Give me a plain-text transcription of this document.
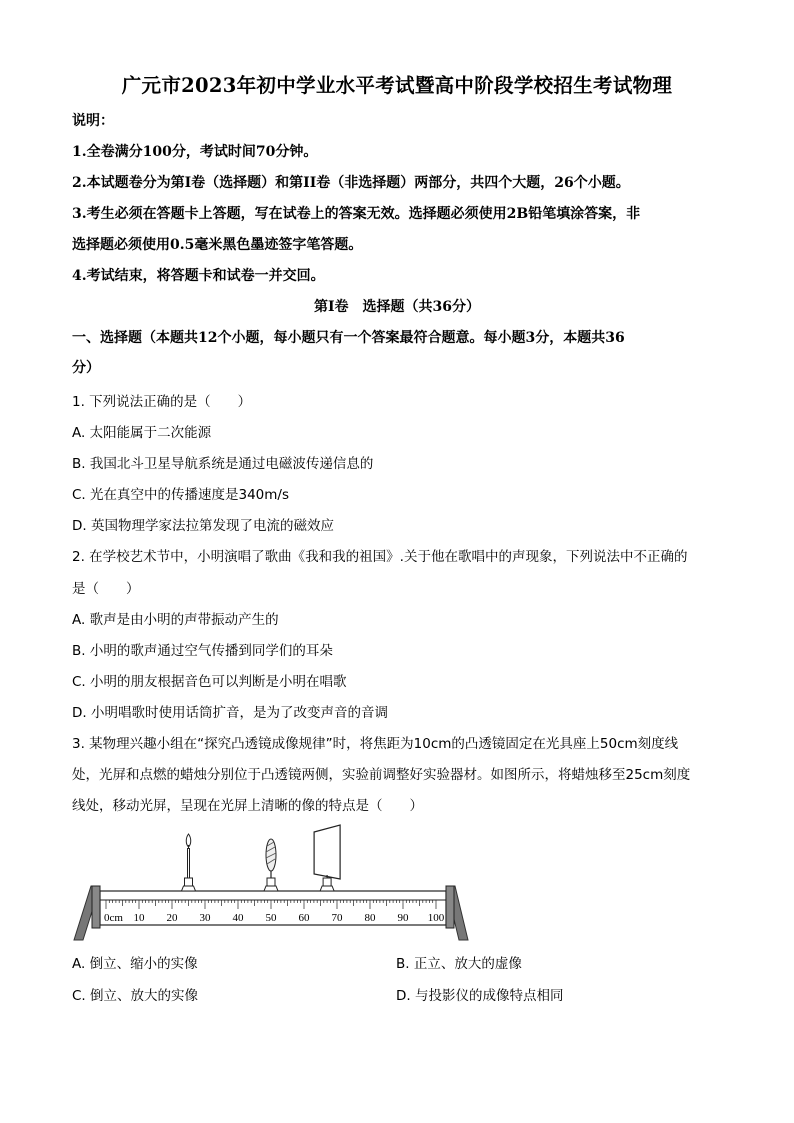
广元市2023年初中学业水平考试暨高中阶段学校招生考试物理
说明：
1.全卷满分100分，考试时间70分钟。
2.本试题卷分为第I卷（选择题）和第II卷（非选择题）两部分，共四个大题，26个小题。
3.考生必须在答题卡上答题，写在试卷上的答案无效。选择题必须使用2B铅笔填涂答案，非
选择题必须使用0.5毫米黑色墨迹签字笔答题。
4.考试结束，将答题卡和试卷一并交回。
第I卷　选择题（共36分）
一、选择题（本题共12个小题，每小题只有一个答案最符合题意。每小题3分，本题共36
分）
1. 下列说法正确的是（　　）
A. 太阳能属于二次能源
B. 我国北斗卫星导航系统是通过电磁波传递信息的
C. 光在真空中的传播速度是340m/s
D. 英国物理学家法拉第发现了电流的磁效应
2. 在学校艺术节中，小明演唱了歌曲《我和我的祖国》.关于他在歌唱中的声现象，下列说法中不正确的
是（　　）
A. 歌声是由小明的声带振动产生的
B. 小明的歌声通过空气传播到同学们的耳朵
C. 小明的朋友根据音色可以判断是小明在唱歌
D. 小明唱歌时使用话筒扩音，是为了改变声音的音调
3. 某物理兴趣小组在“探究凸透镜成像规律”时，将焦距为10cm的凸透镜固定在光具座上50cm刻度线
处，光屏和点燃的蜡烛分别位于凸透镜两侧，实验前调整好实验器材。如图所示，将蜡烛移至25cm刻度
线处，移动光屏，呈现在光屏上清晰的像的特点是（　　）
0cm 10 20 30 40 50 60 70 80 90 100
A. 倒立、缩小的实像	B. 正立、放大的虚像
C. 倒立、放大的实像	D. 与投影仪的成像特点相同
